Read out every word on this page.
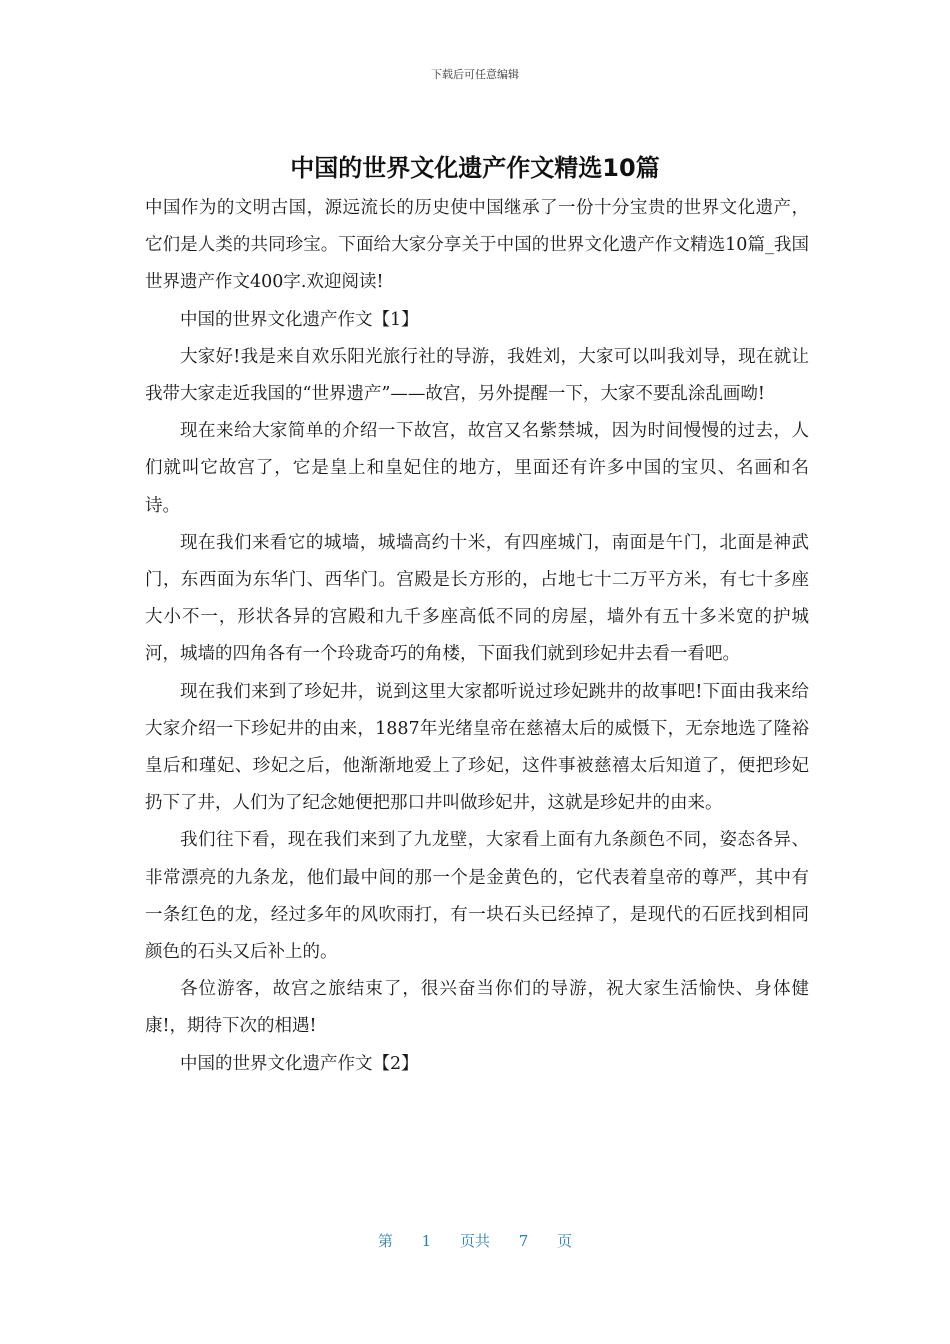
下载后可任意编辑
中国的世界文化遗产作文精选10篇

中国作为的文明古国，源远流长的历史使中国继承了一份十分宝贵的世界文化遗产，它们是人类的共同珍宝。下面给大家分享关于中国的世界文化遗产作文精选10篇_我国世界遗产作文400字.欢迎阅读!

中国的世界文化遗产作文【1】

大家好!我是来自欢乐阳光旅行社的导游，我姓刘，大家可以叫我刘导，现在就让我带大家走近我国的“世界遗产”——故宫，另外提醒一下，大家不要乱涂乱画呦!

现在来给大家简单的介绍一下故宫，故宫又名紫禁城，因为时间慢慢的过去，人们就叫它故宫了，它是皇上和皇妃住的地方，里面还有许多中国的宝贝、名画和名诗。

现在我们来看它的城墙，城墙高约十米，有四座城门，南面是午门，北面是神武门，东西面为东华门、西华门。宫殿是长方形的，占地七十二万平方米，有七十多座大小不一，形状各异的宫殿和九千多座高低不同的房屋，墙外有五十多米宽的护城河，城墙的四角各有一个玲珑奇巧的角楼，下面我们就到珍妃井去看一看吧。

现在我们来到了珍妃井，说到这里大家都听说过珍妃跳井的故事吧!下面由我来给大家介绍一下珍妃井的由来，1887年光绪皇帝在慈禧太后的威慑下，无奈地选了隆裕皇后和瑾妃、珍妃之后，他渐渐地爱上了珍妃，这件事被慈禧太后知道了，便把珍妃扔下了井，人们为了纪念她便把那口井叫做珍妃井，这就是珍妃井的由来。

我们往下看，现在我们来到了九龙壁，大家看上面有九条颜色不同，姿态各异、非常漂亮的九条龙，他们最中间的那一个是金黄色的，它代表着皇帝的尊严，其中有一条红色的龙，经过多年的风吹雨打，有一块石头已经掉了，是现代的石匠找到相同颜色的石头又后补上的。

各位游客，故宫之旅结束了，很兴奋当你们的导游，祝大家生活愉快、身体健康!，期待下次的相遇!

中国的世界文化遗产作文【2】

第 1 页共 7 页
